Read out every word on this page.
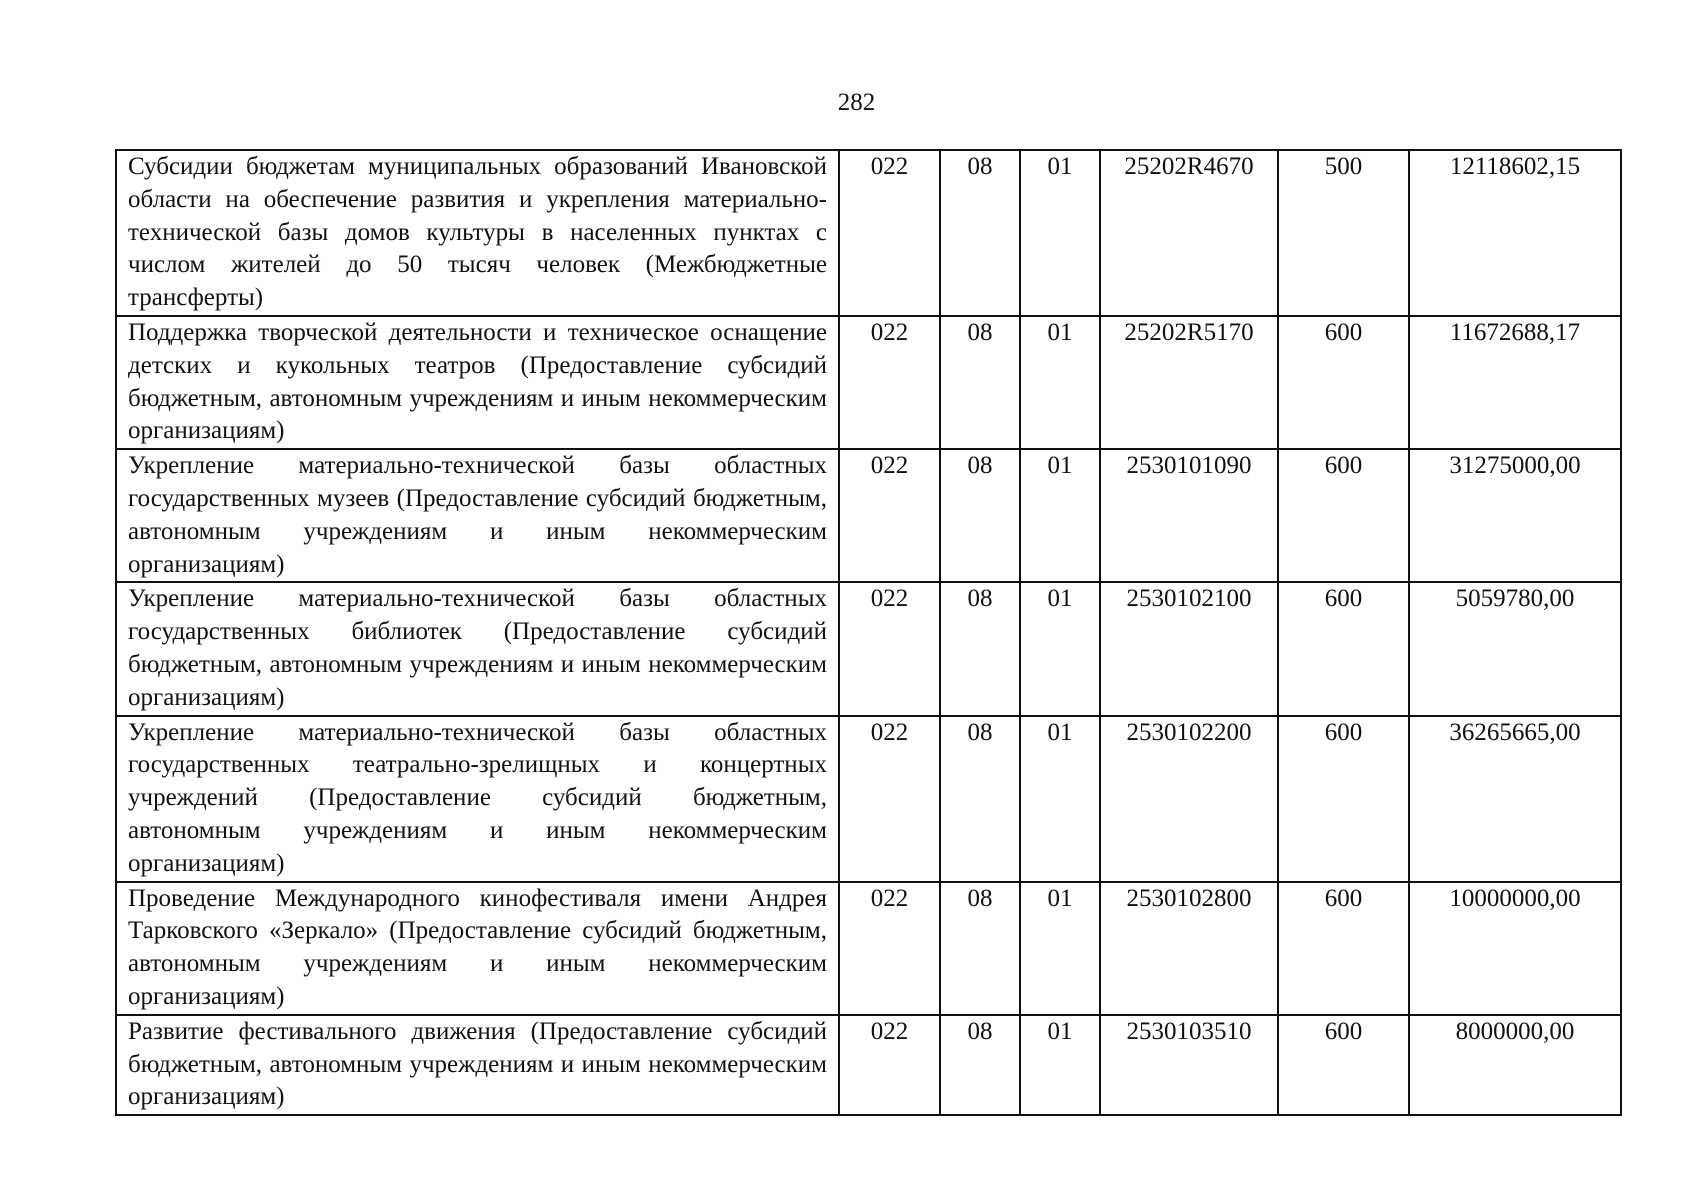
282
Субсидии бюджетам муниципальных образований Ивановской области на обеспечение развития и укрепления материально-технической базы домов культуры в населенных пунктах с числом жителей до 50 тысяч человек (Межбюджетные трансферты)	022	08	01	25202R4670	500	12118602,15
Поддержка творческой деятельности и техническое оснащение детских и кукольных театров (Предоставление субсидий бюджетным, автономным учреждениям и иным некоммерческим организациям)	022	08	01	25202R5170	600	11672688,17
Укрепление материально-технической базы областных государственных музеев (Предоставление субсидий бюджетным, автономным учреждениям и иным некоммерческим организациям)	022	08	01	2530101090	600	31275000,00
Укрепление материально-технической базы областных государственных библиотек (Предоставление субсидий бюджетным, автономным учреждениям и иным некоммерческим организациям)	022	08	01	2530102100	600	5059780,00
Укрепление материально-технической базы областных государственных театрально-зрелищных и концертных учреждений (Предоставление субсидий бюджетным, автономным учреждениям и иным некоммерческим организациям)	022	08	01	2530102200	600	36265665,00
Проведение Международного кинофестиваля имени Андрея Тарковского «Зеркало» (Предоставление субсидий бюджетным, автономным учреждениям и иным некоммерческим организациям)	022	08	01	2530102800	600	10000000,00
Развитие фестивального движения (Предоставление субсидий бюджетным, автономным учреждениям и иным некоммерческим организациям)	022	08	01	2530103510	600	8000000,00
